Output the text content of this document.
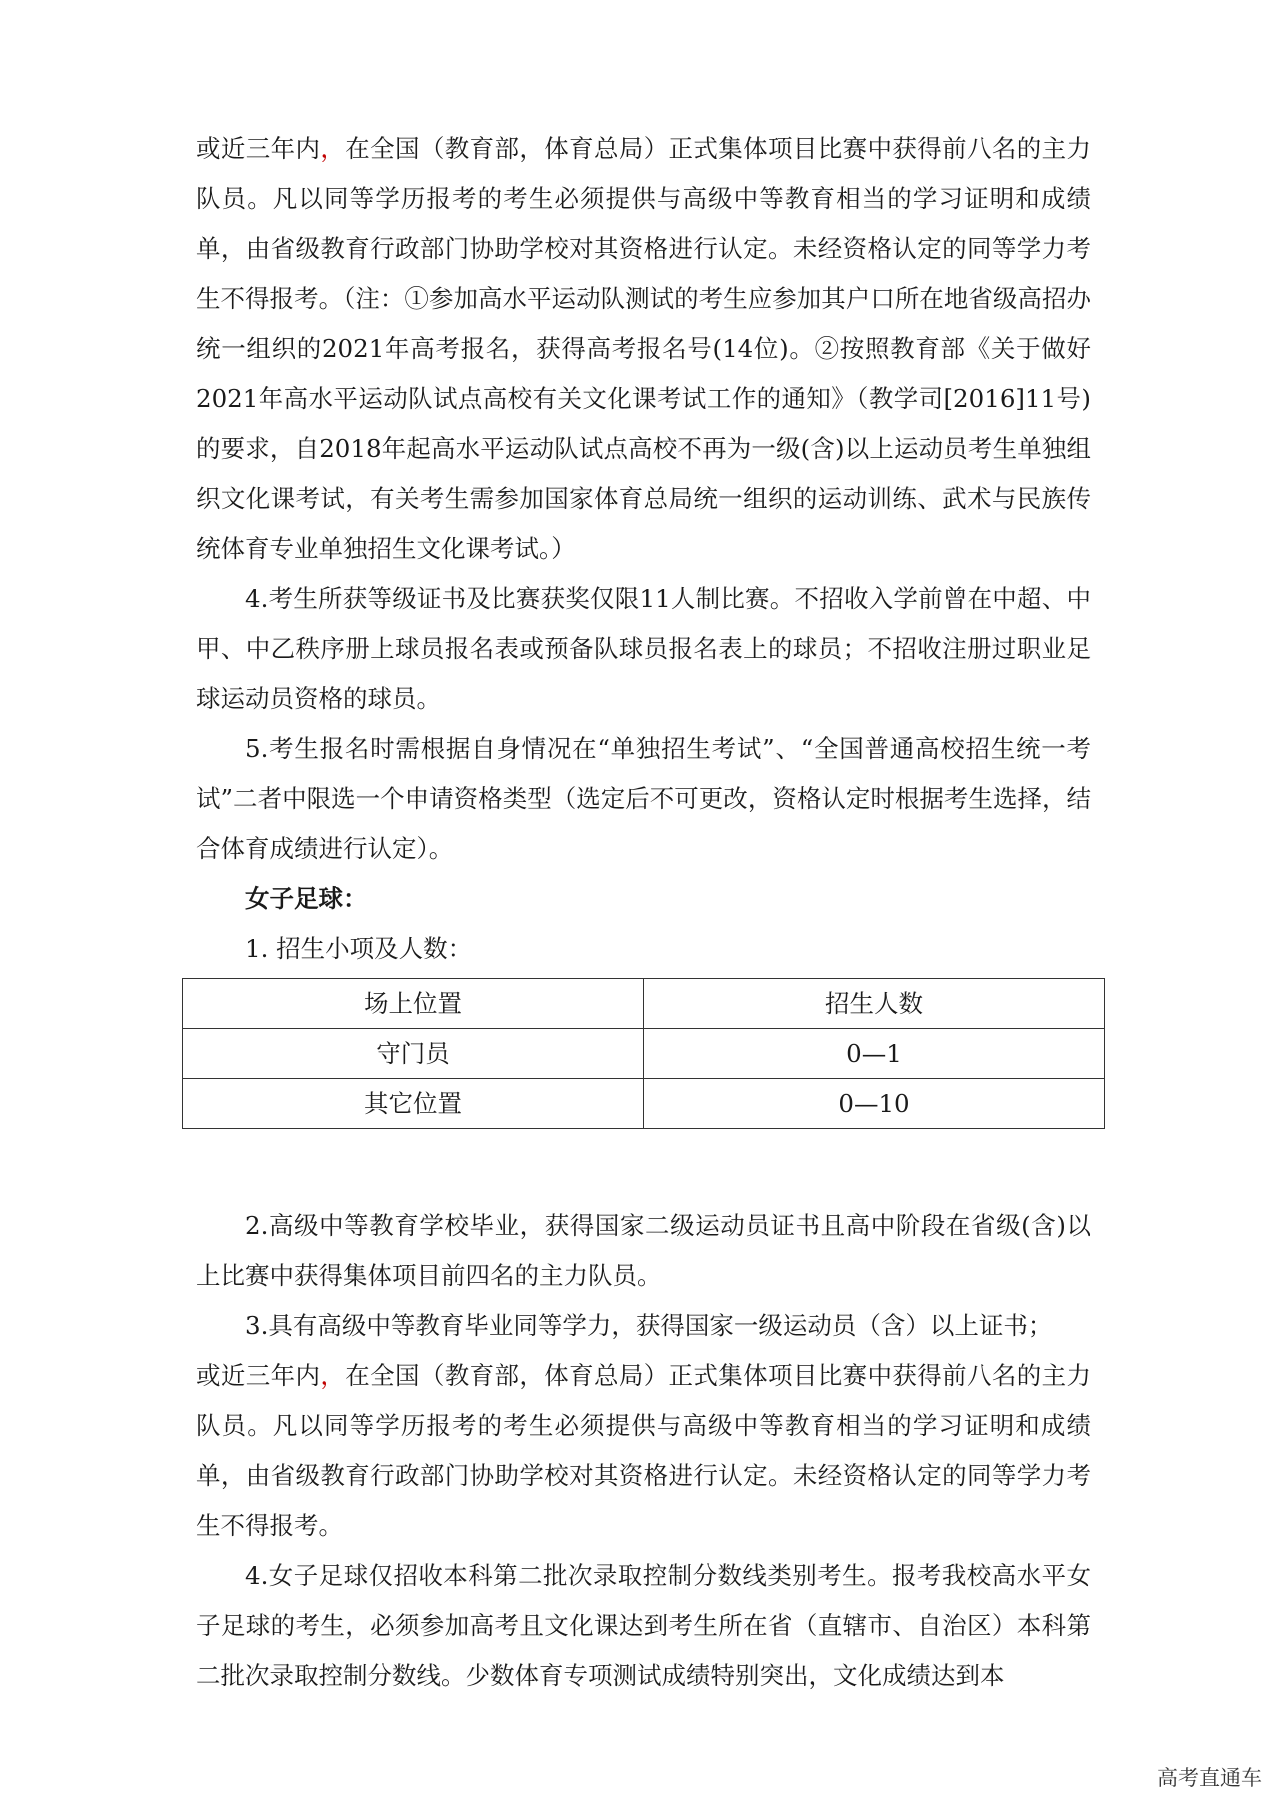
或近三年内，在全国（教育部，体育总局）正式集体项目比赛中获得前八名的主力队员。凡以同等学历报考的考生必须提供与高级中等教育相当的学习证明和成绩单，由省级教育行政部门协助学校对其资格进行认定。未经资格认定的同等学力考生不得报考。（注：①参加高水平运动队测试的考生应参加其户口所在地省级高招办统一组织的2021年高考报名，获得高考报名号(14位)。②按照教育部《关于做好2021年高水平运动队试点高校有关文化课考试工作的通知》（教学司[2016]11号)的要求，自2018年起高水平运动队试点高校不再为一级(含)以上运动员考生单独组织文化课考试，有关考生需参加国家体育总局统一组织的运动训练、武术与民族传统体育专业单独招生文化课考试。）

4.考生所获等级证书及比赛获奖仅限11人制比赛。不招收入学前曾在中超、中甲、中乙秩序册上球员报名表或预备队球员报名表上的球员；不招收注册过职业足球运动员资格的球员。

5.考生报名时需根据自身情况在“单独招生考试”、“全国普通高校招生统一考试”二者中限选一个申请资格类型（选定后不可更改，资格认定时根据考生选择，结合体育成绩进行认定）。

女子足球：

1. 招生小项及人数：

场上位置	招生人数
守门员	0—1
其它位置	0—10

2.高级中等教育学校毕业，获得国家二级运动员证书且高中阶段在省级(含)以上比赛中获得集体项目前四名的主力队员。

3.具有高级中等教育毕业同等学力，获得国家一级运动员（含）以上证书；

或近三年内，在全国（教育部，体育总局）正式集体项目比赛中获得前八名的主力队员。凡以同等学历报考的考生必须提供与高级中等教育相当的学习证明和成绩单，由省级教育行政部门协助学校对其资格进行认定。未经资格认定的同等学力考生不得报考。

4.女子足球仅招收本科第二批次录取控制分数线类别考生。报考我校高水平女子足球的考生，必须参加高考且文化课达到考生所在省（直辖市、自治区）本科第二批次录取控制分数线。少数体育专项测试成绩特别突出，文化成绩达到本

高考直通车
